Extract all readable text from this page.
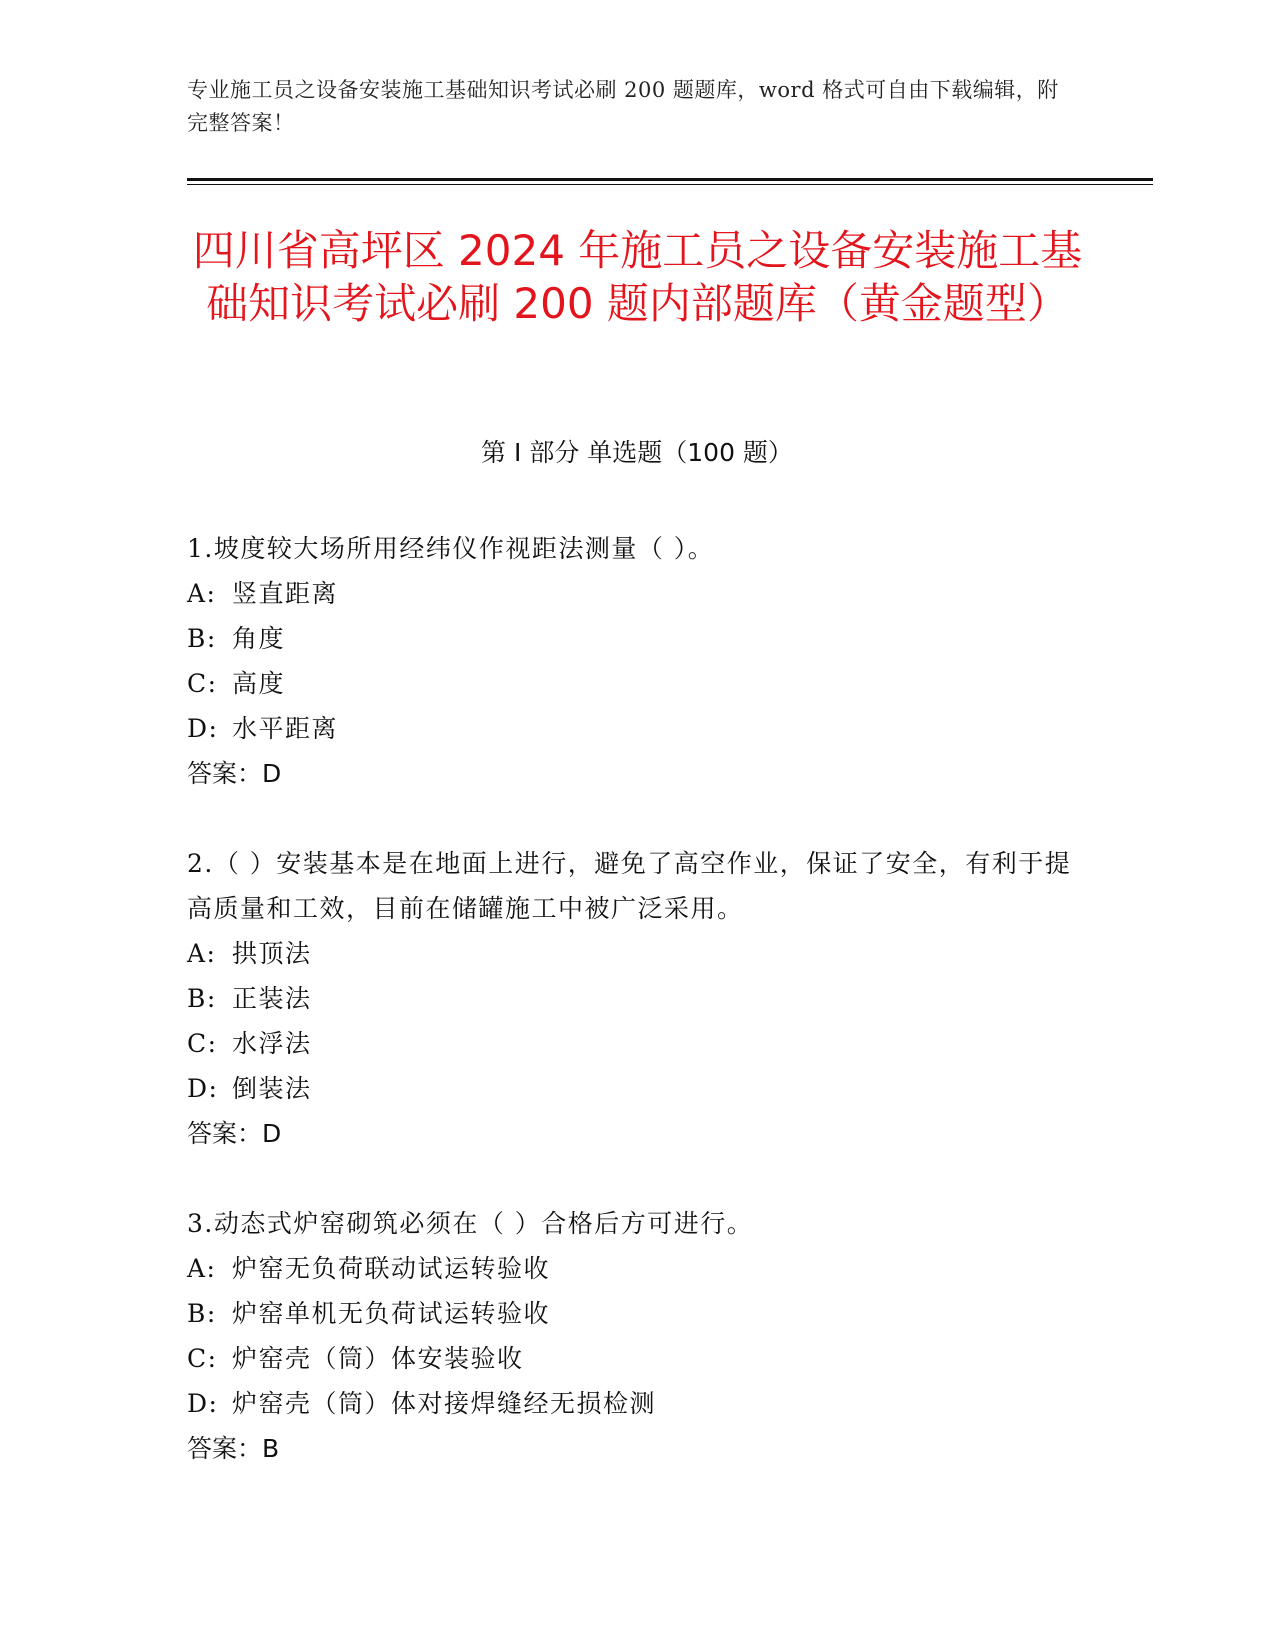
专业施工员之设备安装施工基础知识考试必刷 200 题题库，word 格式可自由下载编辑，附完整答案！
四川省高坪区 2024 年施工员之设备安装施工基础知识考试必刷 200 题内部题库（黄金题型）
第 I 部分 单选题（100 题）

1.坡度较大场所用经纬仪作视距法测量（ ）。

A: 竖直距离

B: 角度

C: 高度

D: 水平距离

答案：D

2.（ ）安装基本是在地面上进行，避免了高空作业，保证了安全，有利于提高质量和工效，目前在储罐施工中被广泛采用。

A: 拱顶法

B: 正装法

C: 水浮法

D: 倒装法

答案：D

3.动态式炉窑砌筑必须在（ ）合格后方可进行。

A: 炉窑无负荷联动试运转验收

B: 炉窑单机无负荷试运转验收

C: 炉窑壳（筒）体安装验收

D: 炉窑壳（筒）体对接焊缝经无损检测

答案：B
